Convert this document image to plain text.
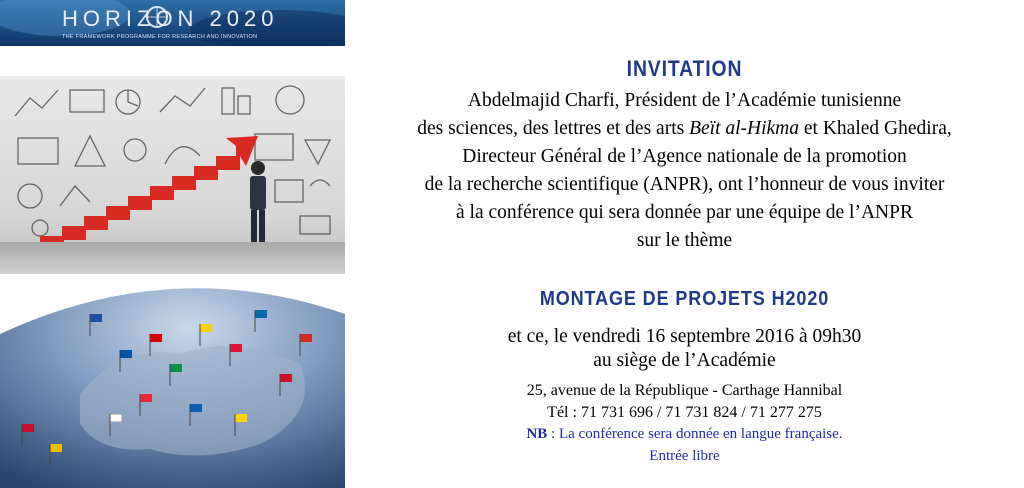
HORIZON 2020
THE FRAMEWORK PROGRAMME FOR RESEARCH AND INNOVATION
INVITATION
Abdelmajid Charfi, Président de l’Académie tunisienne
des sciences, des lettres et des arts Beït al-Hikma et Khaled Ghedira,
Directeur Général de l’Agence nationale de la promotion
de la recherche scientifique (ANPR), ont l’honneur de vous inviter
à la conférence qui sera donnée par une équipe de l’ANPR
sur le thème
MONTAGE DE PROJETS H2020
et ce, le vendredi 16 septembre 2016 à 09h30
au siège de l’Académie
25, avenue de la République - Carthage Hannibal
Tél : 71 731 696 / 71 731 824 / 71 277 275
NB : La conférence sera donnée en langue française.
Entrée libre
